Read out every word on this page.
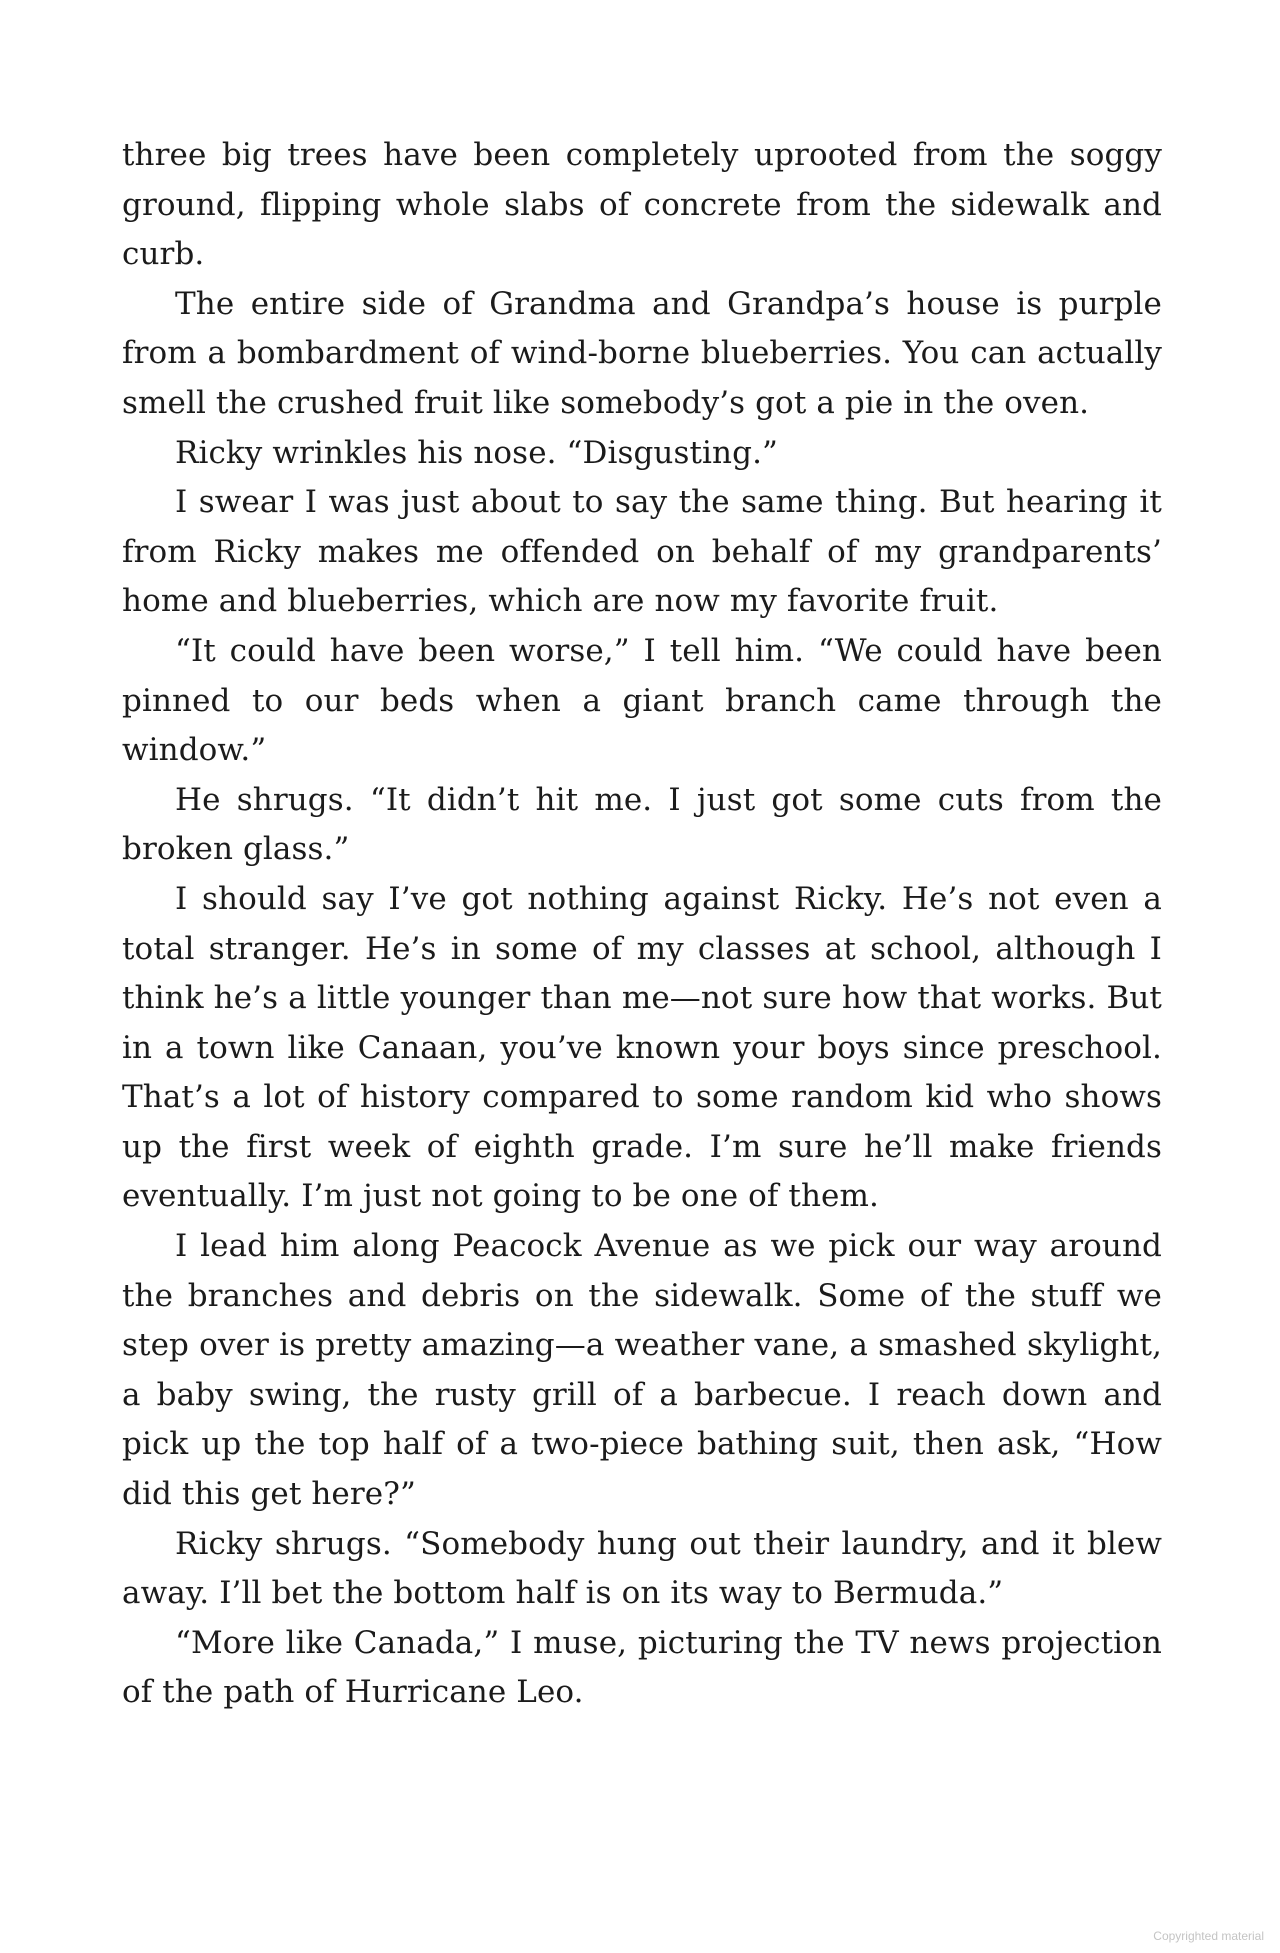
three big trees have been completely uprooted from the soggy ground, flipping whole slabs of concrete from the sidewalk and curb.

The entire side of Grandma and Grandpa’s house is purple from a bombardment of wind-borne blueberries. You can actually smell the crushed fruit like somebody’s got a pie in the oven.

Ricky wrinkles his nose. “Disgusting.”

I swear I was just about to say the same thing. But hearing it from Ricky makes me offended on behalf of my grandparents’ home and blueberries, which are now my favorite fruit.

“It could have been worse,” I tell him. “We could have been pinned to our beds when a giant branch came through the window.”

He shrugs. “It didn’t hit me. I just got some cuts from the broken glass.”

I should say I’ve got nothing against Ricky. He’s not even a total stranger. He’s in some of my classes at school, although I think he’s a little younger than me—not sure how that works. But in a town like Canaan, you’ve known your boys since preschool. That’s a lot of history compared to some random kid who shows up the first week of eighth grade. I’m sure he’ll make friends eventually. I’m just not going to be one of them.

I lead him along Peacock Avenue as we pick our way around the branches and debris on the sidewalk. Some of the stuff we step over is pretty amazing—a weather vane, a smashed skylight, a baby swing, the rusty grill of a barbecue. I reach down and pick up the top half of a two-piece bathing suit, then ask, “How did this get here?”

Ricky shrugs. “Somebody hung out their laundry, and it blew away. I’ll bet the bottom half is on its way to Bermuda.”

“More like Canada,” I muse, picturing the TV news projection of the path of Hurricane Leo.

Copyrighted material
